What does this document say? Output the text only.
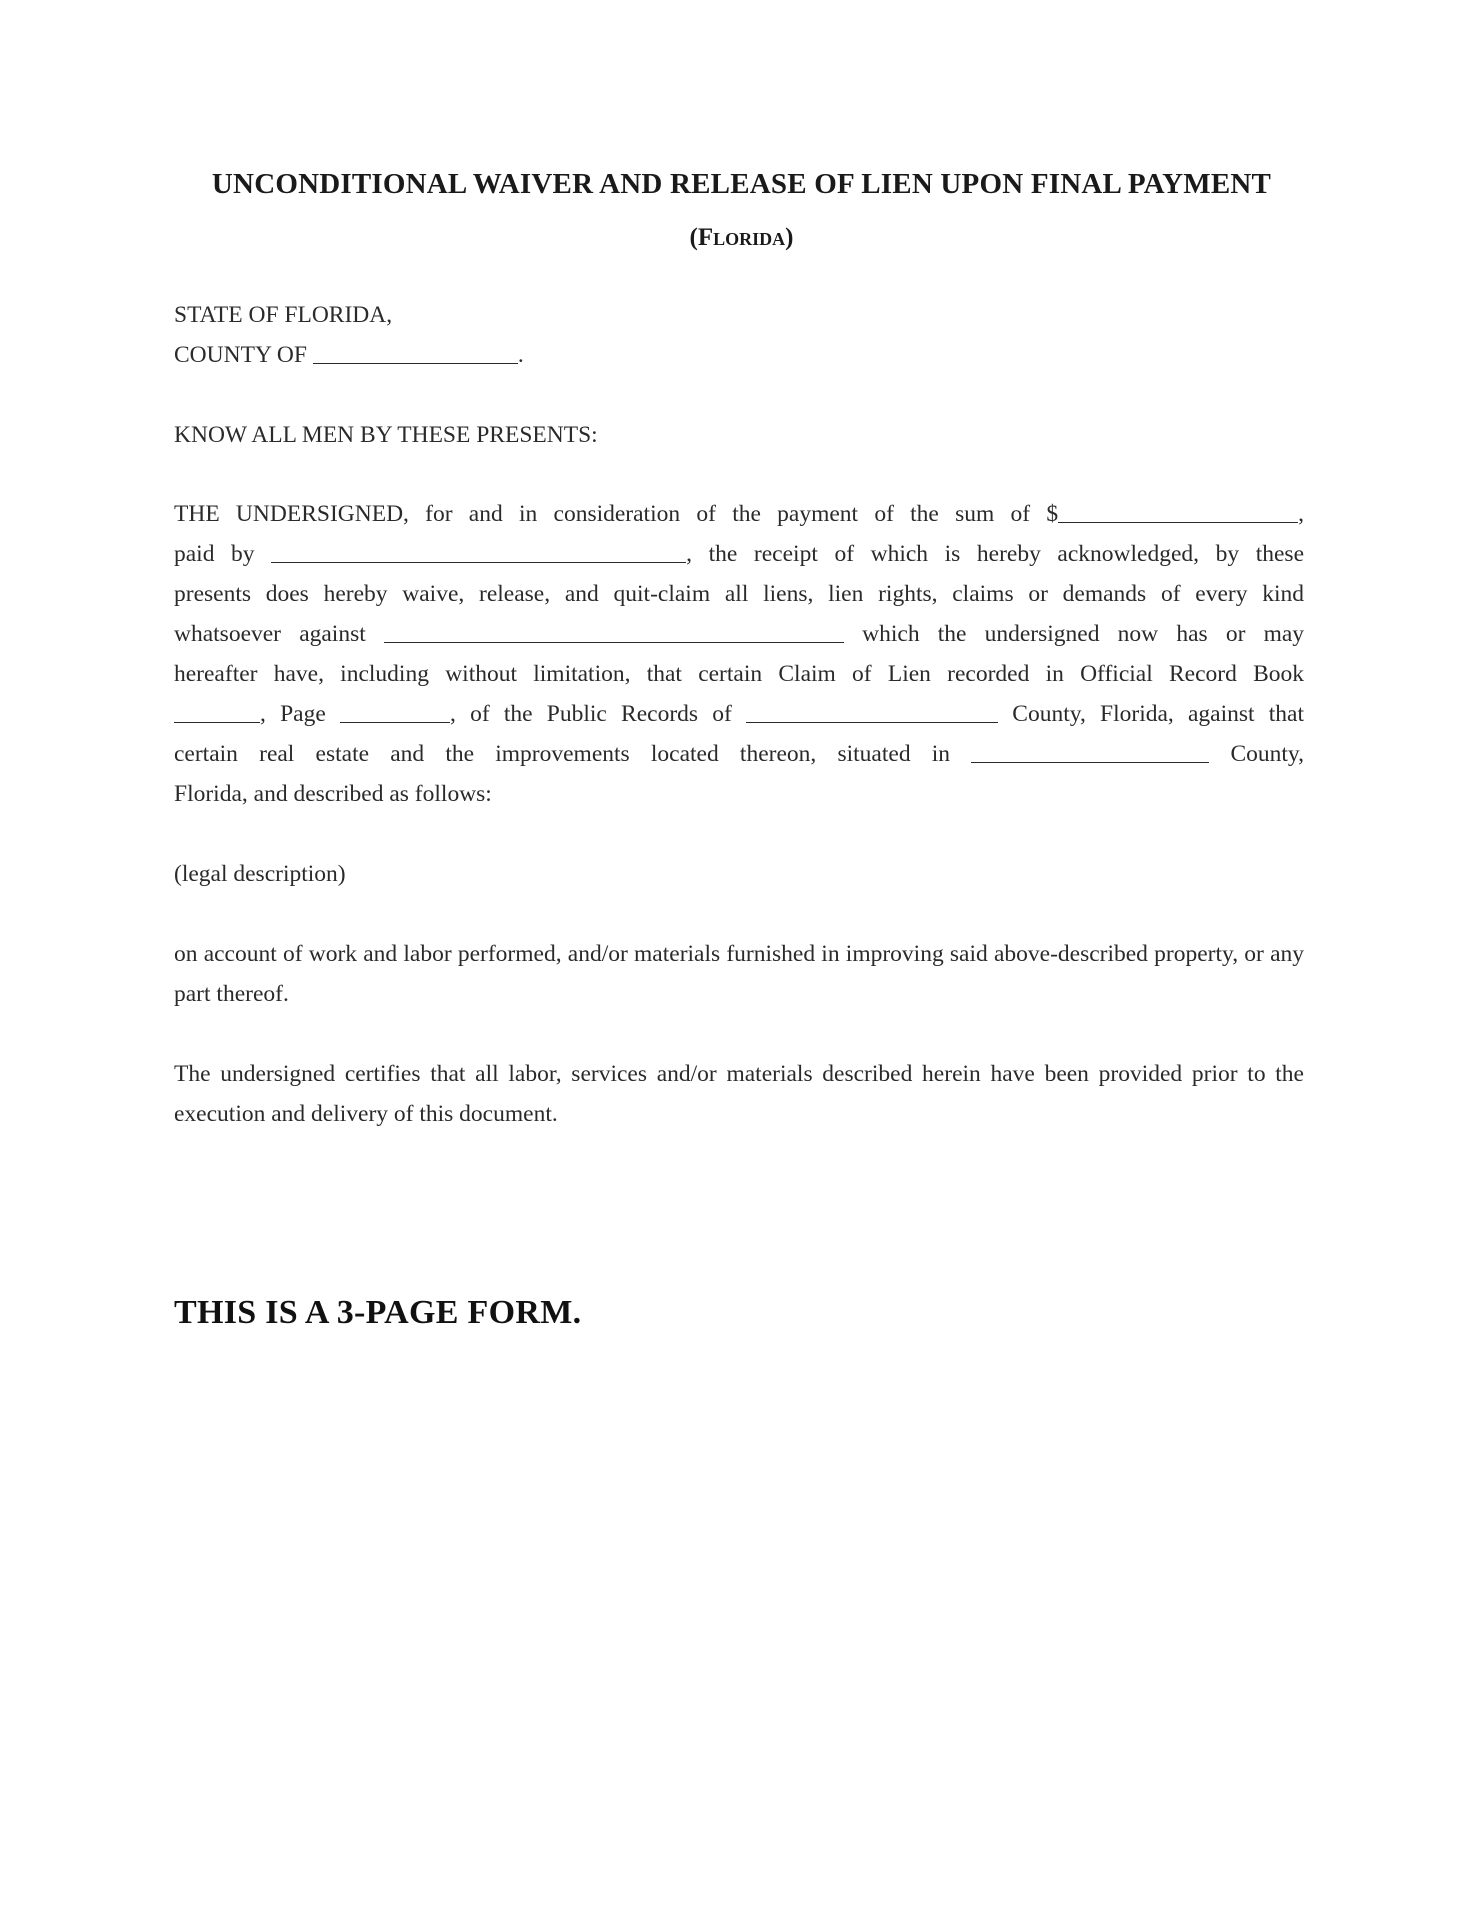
UNCONDITIONAL WAIVER AND RELEASE OF LIEN UPON FINAL PAYMENT
(Florida)
STATE OF FLORIDA,
COUNTY OF	.
KNOW ALL MEN BY THESE PRESENTS:
THE UNDERSIGNED, for and in consideration of the payment of the sum of $	,
paid by	, the receipt of which is hereby acknowledged, by these
presents does hereby waive, release, and quit-claim all liens, lien rights, claims or demands of every kind
whatsoever against	which the undersigned now has or may
hereafter have, including without limitation, that certain Claim of Lien recorded in Official Record Book
, Page	, of the Public Records of	County, Florida, against that
certain real estate and the improvements located thereon, situated in	County,
Florida, and described as follows:
(legal description)
on account of work and labor performed, and/or materials furnished in improving said above-described property, or any part thereof.
The undersigned certifies that all labor, services and/or materials described herein have been provided prior to the execution and delivery of this document.
THIS IS A 3-PAGE FORM.
